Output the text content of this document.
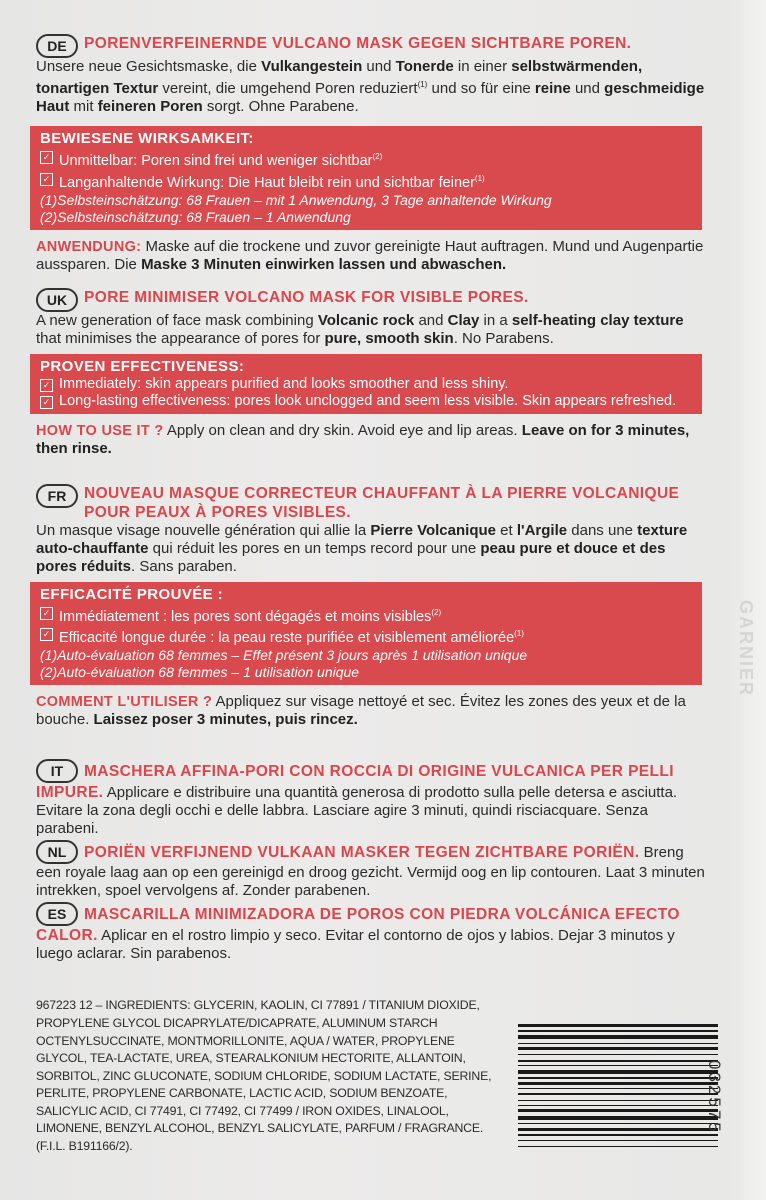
DE	PORENVERFEINERNDE VULCANO MASK GEGEN SICHTBARE POREN.
Unsere neue Gesichtsmaske, die Vulkangestein und Tonerde in einer selbstwärmenden, tonartigen Textur vereint, die umgehend Poren reduziert$^{(1)}$ und so für eine reine und geschmeidige Haut mit feineren Poren sorgt. Ohne Parabene.
BEWIESENE WIRKSAMKEIT:
✓ Unmittelbar: Poren sind frei und weniger sichtbar$^{(2)}$
✓ Langanhaltende Wirkung: Die Haut bleibt rein und sichtbar feiner$^{(1)}$
(1)Selbsteinschätzung: 68 Frauen – mit 1 Anwendung, 3 Tage anhaltende Wirkung
(2)Selbsteinschätzung: 68 Frauen – 1 Anwendung
ANWENDUNG: Maske auf die trockene und zuvor gereinigte Haut auftragen. Mund und Augenpartie aussparen. Die Maske 3 Minuten einwirken lassen und abwaschen.
UK	PORE MINIMISER VOLCANO MASK FOR VISIBLE PORES.
A new generation of face mask combining Volcanic rock and Clay in a self-heating clay texture that minimises the appearance of pores for pure, smooth skin. No Parabens.
PROVEN EFFECTIVENESS:
✓ Immediately: skin appears purified and looks smoother and less shiny.
✓ Long-lasting effectiveness: pores look unclogged and seem less visible. Skin appears refreshed.
HOW TO USE IT ? Apply on clean and dry skin. Avoid eye and lip areas. Leave on for 3 minutes, then rinse.
FR	NOUVEAU MASQUE CORRECTEUR CHAUFFANT À LA PIERRE VOLCANIQUE POUR PEAUX À PORES VISIBLES.
Un masque visage nouvelle génération qui allie la Pierre Volcanique et l'Argile dans une texture auto-chauffante qui réduit les pores en un temps record pour une peau pure et douce et des pores réduits. Sans paraben.
EFFICACITÉ PROUVÉE :
✓ Immédiatement : les pores sont dégagés et moins visibles$^{(2)}$
✓ Efficacité longue durée : la peau reste purifiée et visiblement améliorée$^{(1)}$
(1)Auto-évaluation 68 femmes – Effet présent 3 jours après 1 utilisation unique
(2)Auto-évaluation 68 femmes – 1 utilisation unique
COMMENT L'UTILISER ? Appliquez sur visage nettoyé et sec. Évitez les zones des yeux et de la bouche. Laissez poser 3 minutes, puis rincez.
IT MASCHERA AFFINA-PORI CON ROCCIA DI ORIGINE VULCANICA PER PELLI IMPURE. Applicare e distribuire una quantità generosa di prodotto sulla pelle detersa e asciutta. Evitare la zona degli occhi e delle labbra. Lasciare agire 3 minuti, quindi risciacquare. Senza parabeni.
NL PORIËN VERFIJNEND VULKAAN MASKER TEGEN ZICHTBARE PORIËN. Breng een royale laag aan op een gereinigd en droog gezicht. Vermijd oog en lip contouren. Laat 3 minuten intrekken, spoel vervolgens af. Zonder parabenen.
ES MASCARILLA MINIMIZADORA DE POROS CON PIEDRA VOLCÁNICA EFECTO CALOR. Aplicar en el rostro limpio y seco. Evitar el contorno de ojos y labios. Dejar 3 minutos y luego aclarar. Sin parabenos.
967223 12 – INGREDIENTS: GLYCERIN, KAOLIN, CI 77891 / TITANIUM DIOXIDE, PROPYLENE GLYCOL DICAPRYLATE/DICAPRATE, ALUMINUM STARCH OCTENYLSUCCINATE, MONTMORILLONITE, AQUA / WATER, PROPYLENE GLYCOL, TEA-LACTATE, UREA, STEARALKONIUM HECTORITE, ALLANTOIN, SORBITOL, ZINC GLUCONATE, SODIUM CHLORIDE, SODIUM LACTATE, SERINE, PERLITE, PROPYLENE CARBONATE, LACTIC ACID, SODIUM BENZOATE, SALICYLIC ACID, CI 77491, CI 77492, CI 77499 / IRON OXIDES, LINALOOL, LIMONENE, BENZYL ALCOHOL, BENZYL SALICYLATE, PARFUM / FRAGRANCE. (F.I.L. B191166/2).
GARNIER
032575
